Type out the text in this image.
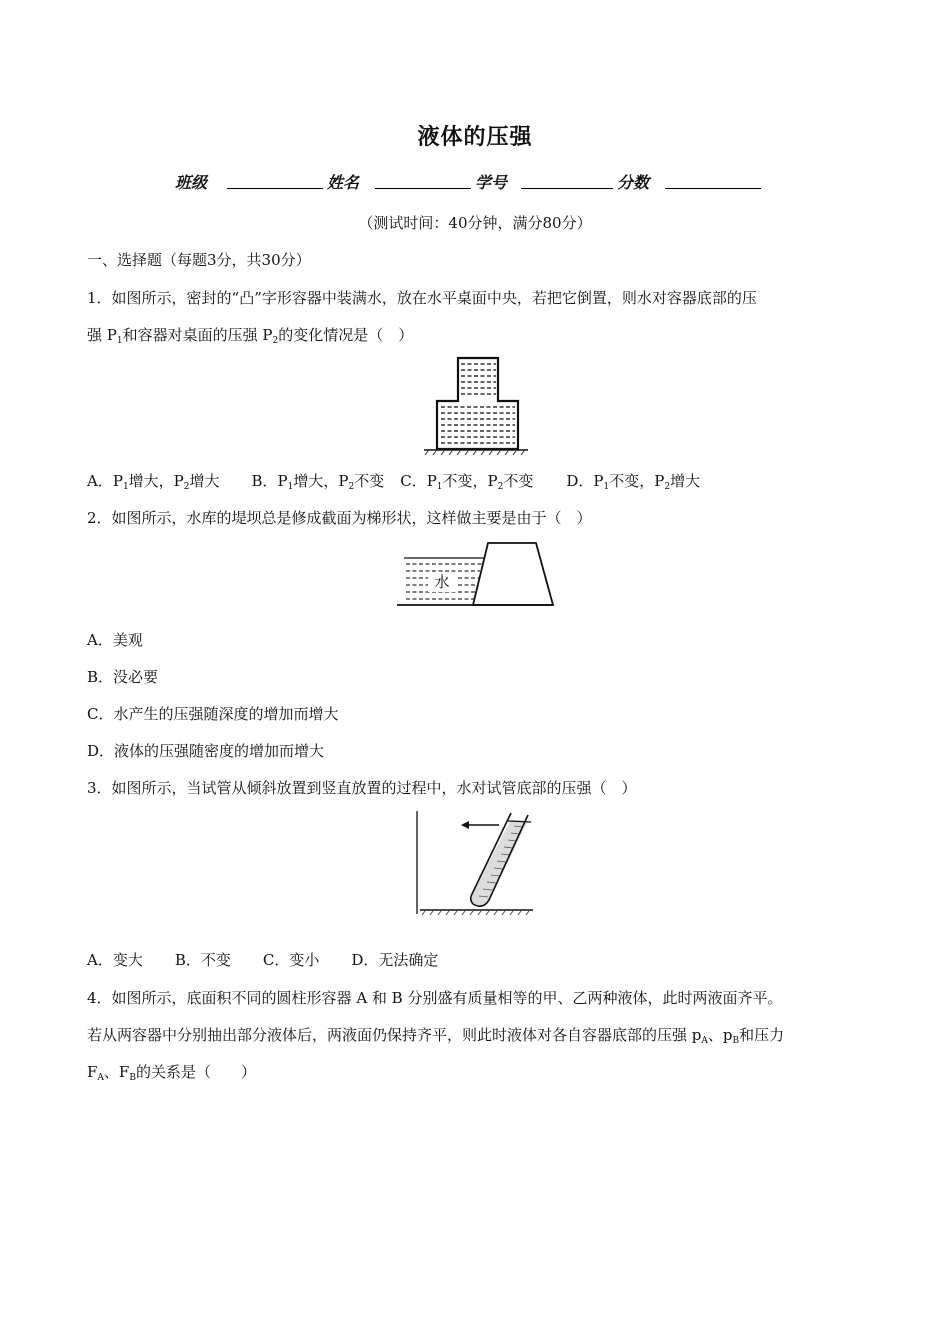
液体的压强
班级	姓名	学号	分数
（测试时间：40分钟，满分80分）
一、选择题（每题3分，共30分）
1．如图所示，密封的“凸”字形容器中装满水，放在水平桌面中央，若把它倒置，则水对容器底部的压
强 $P_1$和容器对桌面的压强 $P_2$的变化情况是（　）
A．$P_1$增大，$P_2$增大 B．$P_1$增大，$P_2$不变 C．$P_1$不变，$P_2$不变 D．$P_1$不变，$P_2$增大
2．如图所示，水库的堤坝总是修成截面为梯形状，这样做主要是由于（　）
水
A．美观
B．没必要
C．水产生的压强随深度的增加而增大
D．液体的压强随密度的增加而增大
3．如图所示，当试管从倾斜放置到竖直放置的过程中，水对试管底部的压强（　）
A．变大 B．不变 C．变小 D．无法确定
4．如图所示，底面积不同的圆柱形容器 A 和 B 分别盛有质量相等的甲、乙两种液体，此时两液面齐平。
若从两容器中分别抽出部分液体后，两液面仍保持齐平，则此时液体对各自容器底部的压强 $p_A$、$p_B$和压力
$F_A$、$F_B$的关系是（　　）
